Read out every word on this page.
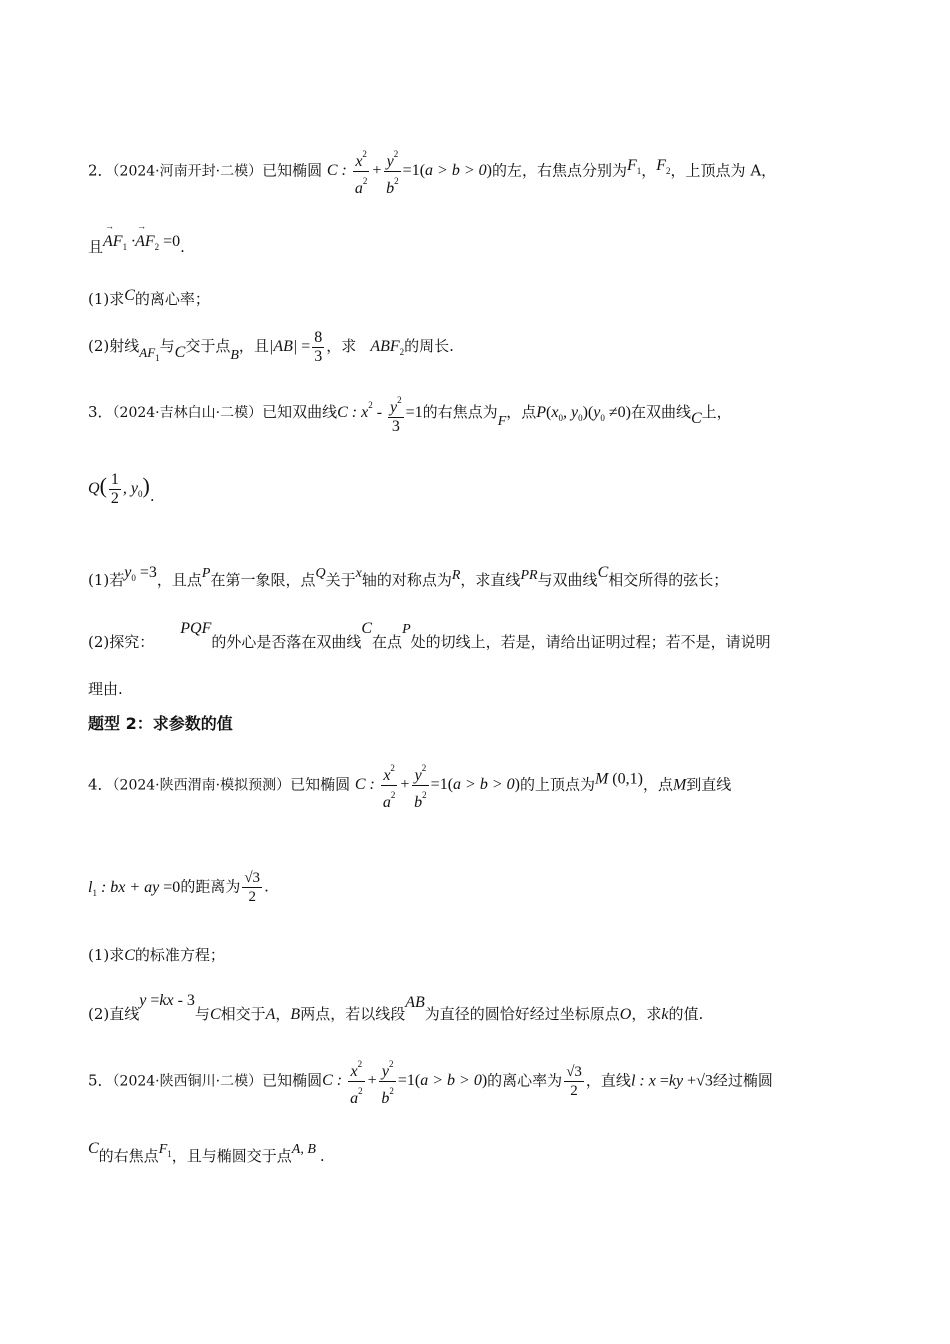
2．（2024·河南开封·二模）已知椭圆 C : $\frac{x^2}{a^2} + \frac{y^2}{b^2} =1(a > b > 0)$的左，右焦点分别为$F_1$，$F_2$，上顶点为 A，
且→ $AF_1 \cdot\to AF_2 =0$.
(1)求C的离心率；
(2)射线$AF_1$与C交于点B，且$|AB| = \frac{8}{3}$ ，求 $ABF_2$的周长.
3．（2024·吉林白山·二模）已知双曲线C : $x^2 - \frac{y^2}{3} =1$的右焦点为F，点$P(x_0$, $y_0)(y_0 \ne 0)$在双曲线C上，
$Q( \frac{1}{2}$ , $y_0$).
(1)若$y_0 =3$，且点P在第一象限，点Q关于x轴的对称点为R，求直线PR与双曲线C相交所得的弦长；
(2)探究：PQF的外心是否落在双曲线C在点P处的切线上，若是，请给出证明过程；若不是，请说明
理由.
题型 2：求参数的值
4．（2024·陕西渭南·模拟预测）已知椭圆 C : $\frac{x^2}{a^2} + \frac{y^2}{b^2} =1(a > b > 0)$的上顶点为M (0,1)，点M到直线
$l_1$ : bx + ay =0的距离为 $\frac{√3}{2}$ .
(1)求C的标准方程；
(2)直线y =kx - 3与C相交于A，B两点，若以线段AB为直径的圆恰好经过坐标原点O，求k的值.
5．（2024·陕西铜川·二模）已知椭圆C : $\frac{x^2}{a^2} + \frac{y^2}{b^2} =1(a > b > 0)$的离心率为 $\frac{√3}{2}$ ，直线l : x =ky +√3经过椭圆
C的右焦点$F_1$，且与椭圆交于点A, B .
